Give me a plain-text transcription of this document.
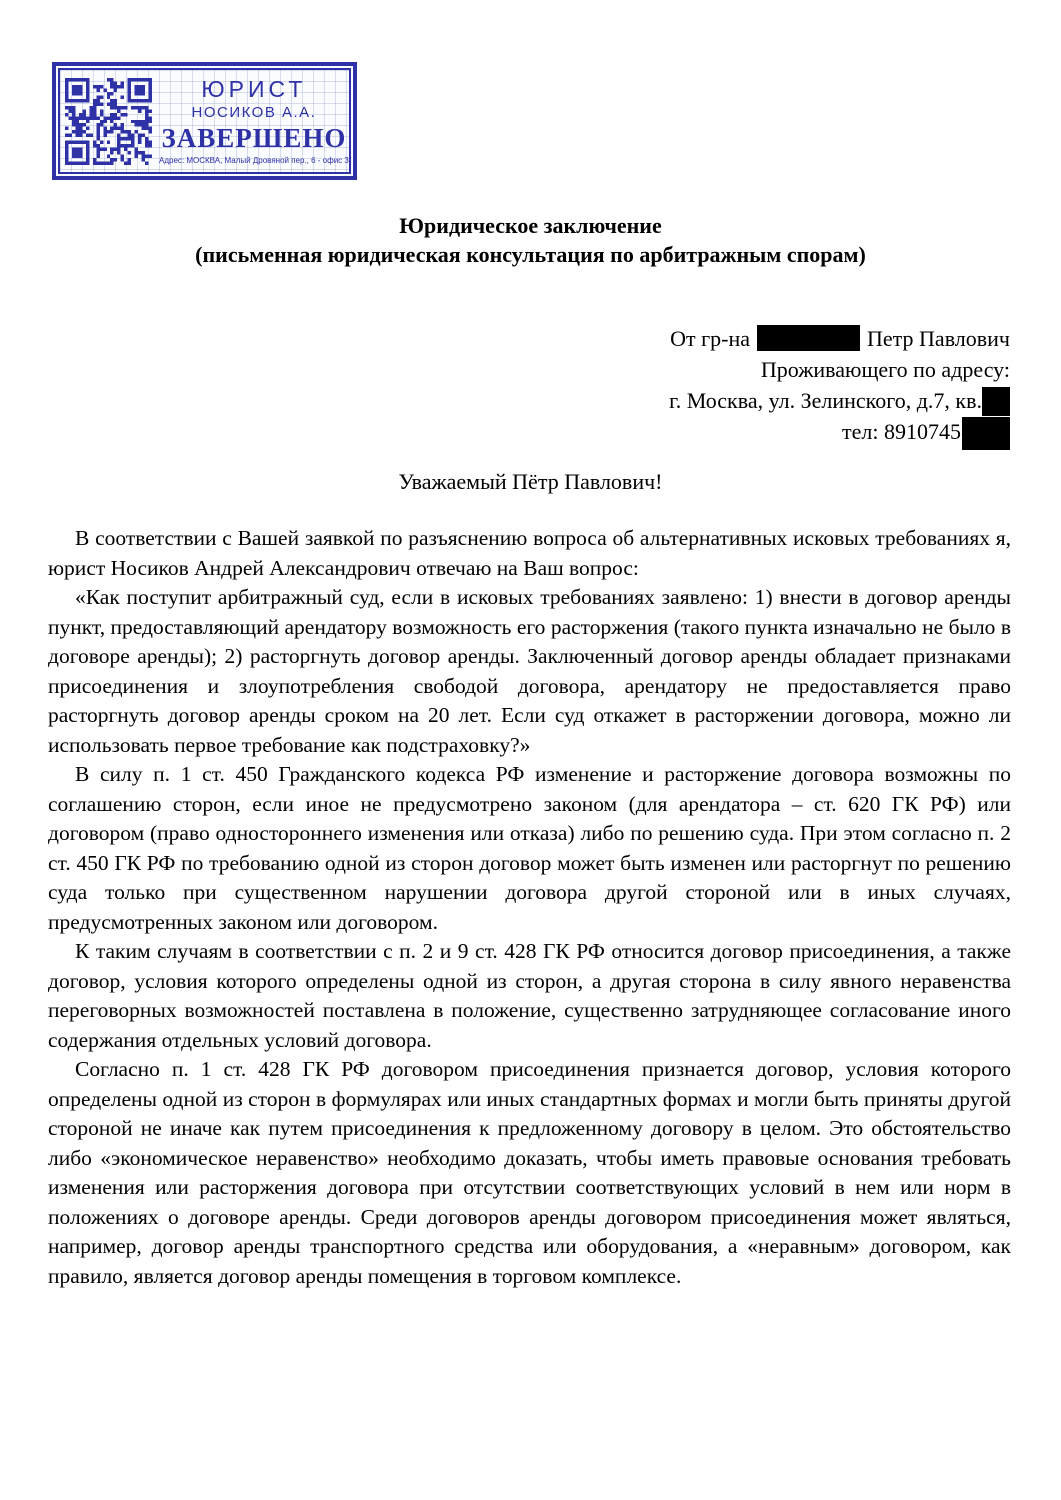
ЮРИСТ
НОСИКОВ А.А.
ЗАВЕРШЕНО
Адрес: МОСКВА, Малый Дровяной пер., 6 - офис 3
Юридическое заключение
(письменная юридическая консультация по арбитражным спорам)
От гр-на	Петр Павлович
Проживающего по адресу:
г. Москва, ул. Зелинского, д.7, кв.
тел: 8910745
Уважаемый Пётр Павлович!

В соответствии с Вашей заявкой по разъяснению вопроса об альтернативных исковых требованиях я, юрист Носиков Андрей Александрович отвечаю на Ваш вопрос:

«Как поступит арбитражный суд, если в исковых требованиях заявлено: 1) внести в договор аренды пункт, предоставляющий арендатору возможность его расторжения (такого пункта изначально не было в договоре аренды); 2) расторгнуть договор аренды. Заключенный договор аренды обладает признаками присоединения и злоупотребления свободой договора, арендатору не предоставляется право расторгнуть договор аренды сроком на 20 лет. Если суд откажет в расторжении договора, можно ли использовать первое требование как подстраховку?»

В силу п. 1 ст. 450 Гражданского кодекса РФ изменение и расторжение договора возможны по соглашению сторон, если иное не предусмотрено законом (для арендатора – ст. 620 ГК РФ) или договором (право одностороннего изменения или отказа) либо по решению суда. При этом согласно п. 2 ст. 450 ГК РФ по требованию одной из сторон договор может быть изменен или расторгнут по решению суда только при существенном нарушении договора другой стороной или в иных случаях, предусмотренных законом или договором.

К таким случаям в соответствии с п. 2 и 9 ст. 428 ГК РФ относится договор присоединения, а также договор, условия которого определены одной из сторон, а другая сторона в силу явного неравенства переговорных возможностей поставлена в положение, существенно затрудняющее согласование иного содержания отдельных условий договора.

Согласно п. 1 ст. 428 ГК РФ договором присоединения признается договор, условия которого определены одной из сторон в формулярах или иных стандартных формах и могли быть приняты другой стороной не иначе как путем присоединения к предложенному договору в целом. Это обстоятельство либо «экономическое неравенство» необходимо доказать, чтобы иметь правовые основания требовать изменения или расторжения договора при отсутствии соответствующих условий в нем или норм в положениях о договоре аренды. Среди договоров аренды договором присоединения может являться, например, договор аренды транспортного средства или оборудования, а «неравным» договором, как правило, является договор аренды помещения в торговом комплексе.
